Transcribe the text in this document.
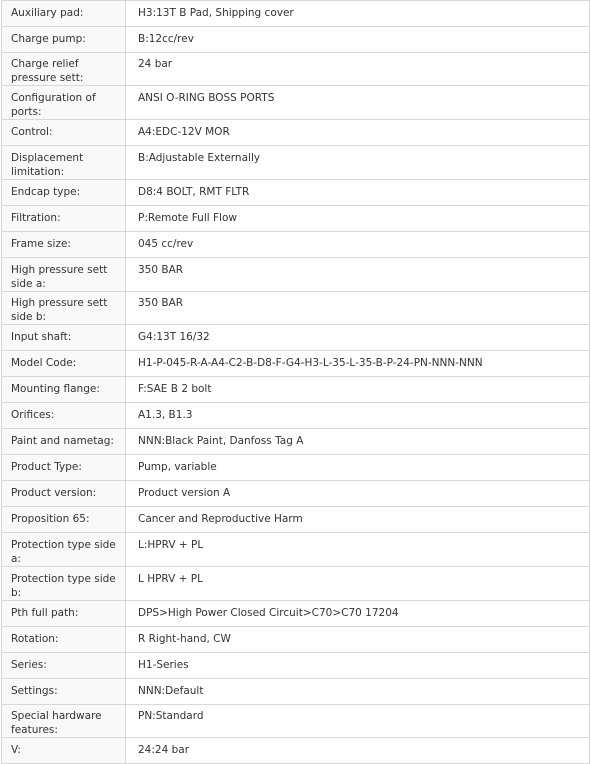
Auxiliary pad:	H3:13T B Pad, Shipping cover
Charge pump:	B:12cc/rev
Charge relief pressure sett:	24 bar
Configuration of ports:	ANSI O-RING BOSS PORTS
Control:	A4:EDC-12V MOR
Displacement limitation:	B:Adjustable Externally
Endcap type:	D8:4 BOLT, RMT FLTR
Filtration:	P:Remote Full Flow
Frame size:	045 cc/rev
High pressure sett side a:	350 BAR
High pressure sett side b:	350 BAR
Input shaft:	G4:13T 16/32
Model Code:	H1-P-045-R-A-A4-C2-B-D8-F-G4-H3-L-35-L-35-B-P-24-PN-NNN-NNN
Mounting flange:	F:SAE B 2 bolt
Orifices:	A1.3, B1.3
Paint and nametag:	NNN:Black Paint, Danfoss Tag A
Product Type:	Pump, variable
Product version:	Product version A
Proposition 65:	Cancer and Reproductive Harm
Protection type side a:	L:HPRV + PL
Protection type side b:	L HPRV + PL
Pth full path:	DPS>High Power Closed Circuit>C70>C70 17204
Rotation:	R Right-hand, CW
Series:	H1-Series
Settings:	NNN:Default
Special hardware features:	PN:Standard
V:	24:24 bar
